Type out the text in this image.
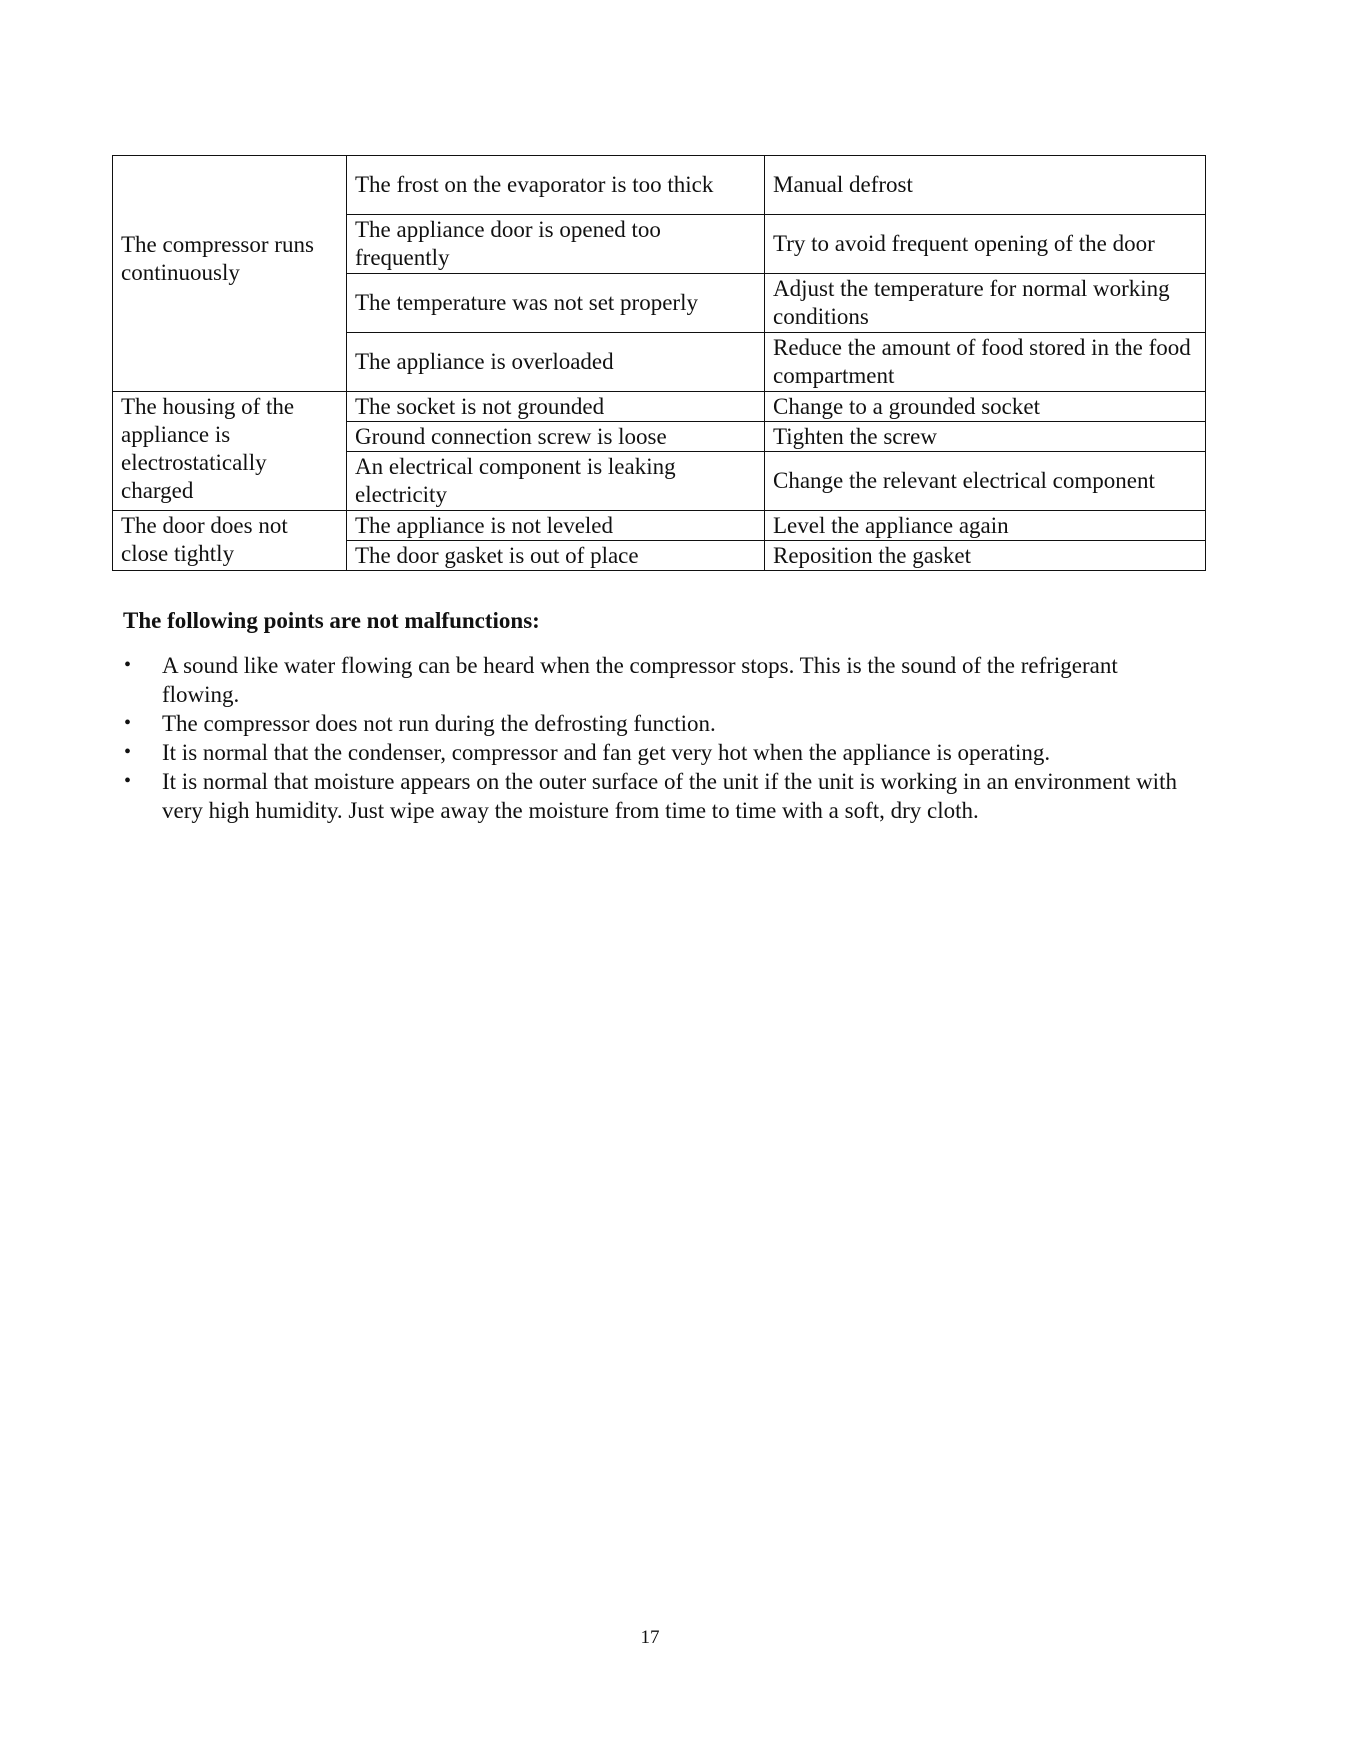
The compressor runs continuously	The frost on the evaporator is too thick	Manual defrost
	The appliance door is opened too frequently	Try to avoid frequent opening of the door
	The temperature was not set properly	Adjust the temperature for normal working conditions
	The appliance is overloaded	Reduce the amount of food stored in the food compartment
The housing of the appliance is electrostatically charged	The socket is not grounded	Change to a grounded socket
	Ground connection screw is loose	Tighten the screw
	An electrical component is leaking electricity	Change the relevant electrical component
The door does not close tightly	The appliance is not leveled	Level the appliance again
	The door gasket is out of place	Reposition the gasket
The following points are not malfunctions:
• A sound like water flowing can be heard when the compressor stops. This is the sound of the refrigerant flowing.
• The compressor does not run during the defrosting function.
• It is normal that the condenser, compressor and fan get very hot when the appliance is operating.
• It is normal that moisture appears on the outer surface of the unit if the unit is working in an environment with very high humidity. Just wipe away the moisture from time to time with a soft, dry cloth.
17
